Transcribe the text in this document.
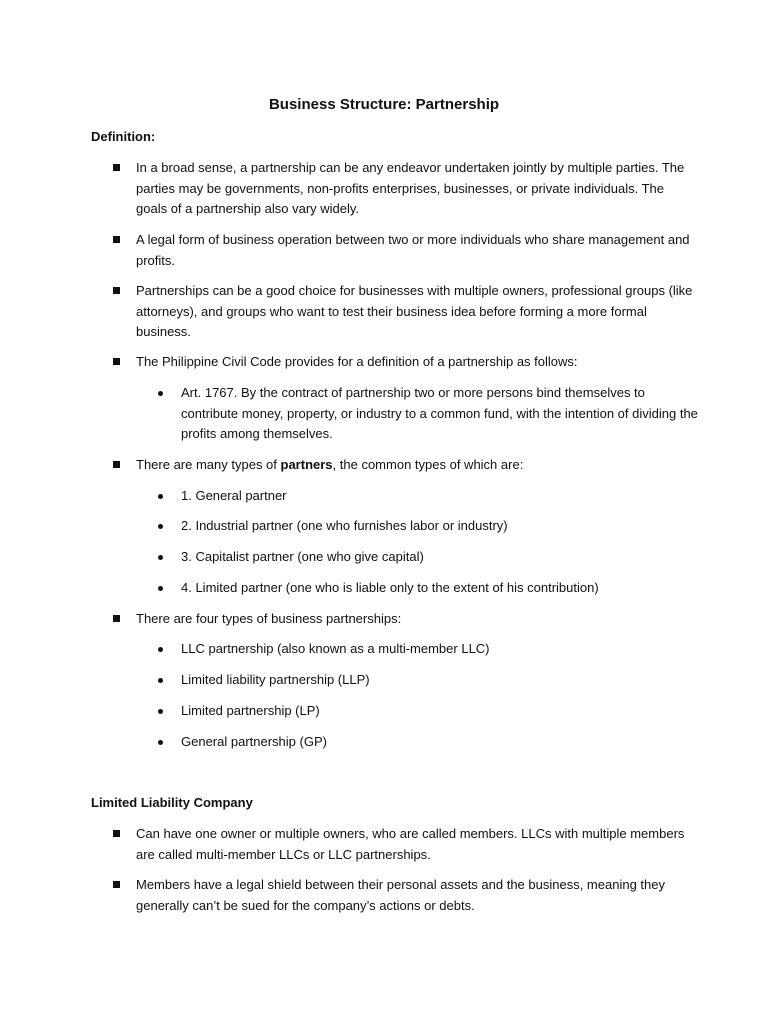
Business Structure: Partnership
Definition:
In a broad sense, a partnership can be any endeavor undertaken jointly by multiple parties. The parties may be governments, non-profits enterprises, businesses, or private individuals. The goals of a partnership also vary widely.
A legal form of business operation between two or more individuals who share management and profits.
Partnerships can be a good choice for businesses with multiple owners, professional groups (like attorneys), and groups who want to test their business idea before forming a more formal business.
The Philippine Civil Code provides for a definition of a partnership as follows:
Art. 1767. By the contract of partnership two or more persons bind themselves to contribute money, property, or industry to a common fund, with the intention of dividing the profits among themselves.
There are many types of partners, the common types of which are:
1. General partner
2. Industrial partner (one who furnishes labor or industry)
3. Capitalist partner (one who give capital)
4. Limited partner (one who is liable only to the extent of his contribution)
There are four types of business partnerships:
LLC partnership (also known as a multi-member LLC)
Limited liability partnership (LLP)
Limited partnership (LP)
General partnership (GP)
Limited Liability Company
Can have one owner or multiple owners, who are called members. LLCs with multiple members are called multi-member LLCs or LLC partnerships.
Members have a legal shield between their personal assets and the business, meaning they generally can’t be sued for the company’s actions or debts.
